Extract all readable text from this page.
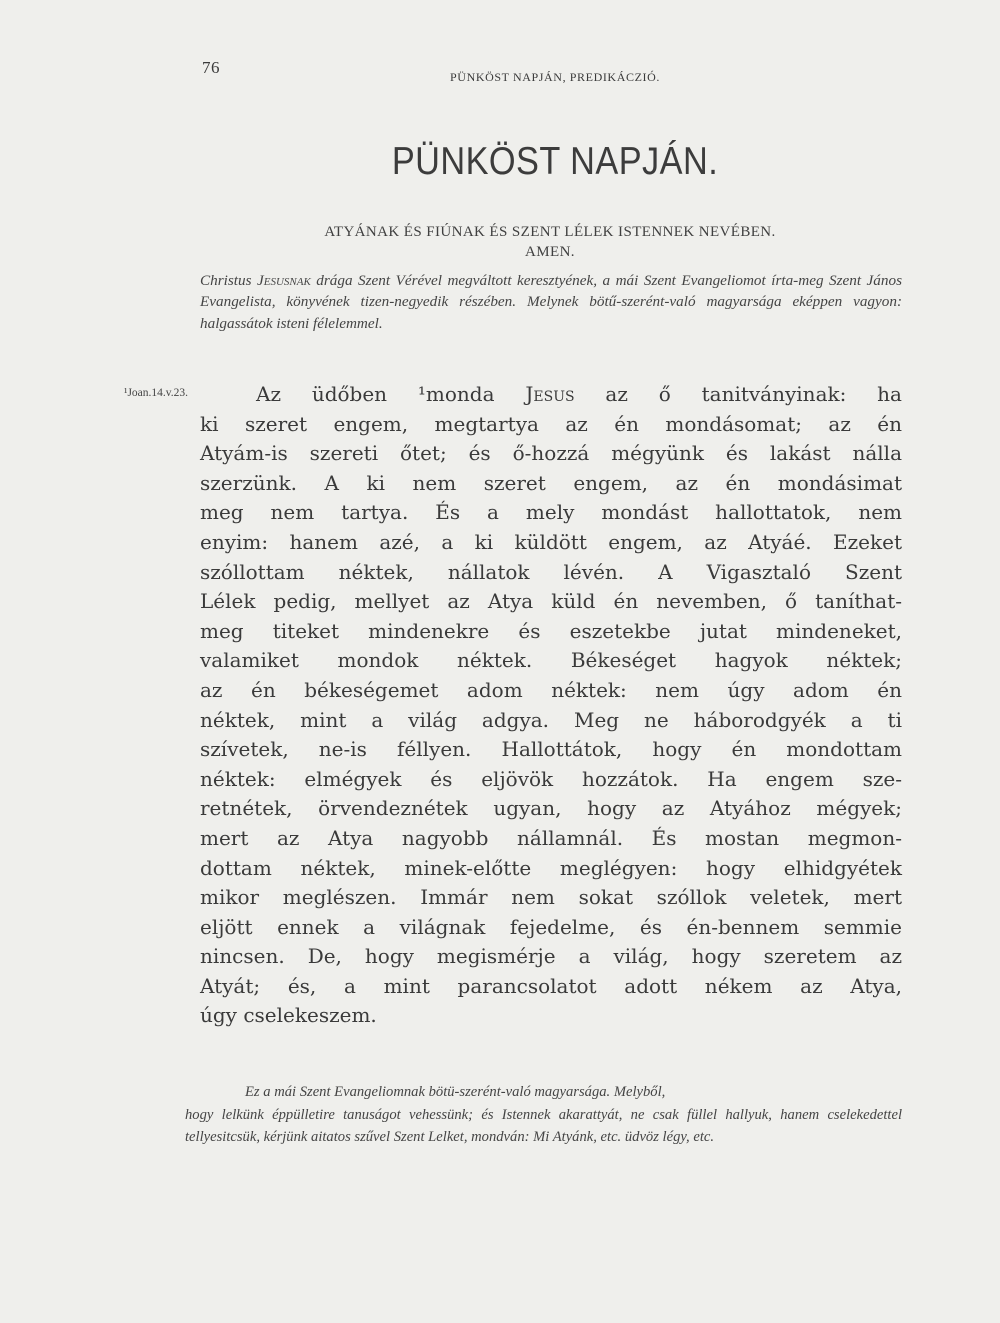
76	PÜNKÖST NAPJÁN, PREDIKÁCZIÓ.
PÜNKÖST NAPJÁN.
ATYÁNAK ÉS FIÚNAK ÉS SZENT LÉLEK ISTENNEK NEVÉBEN.
AMEN.
Christus Jesusnak drága Szent Vérével megváltott keresztyének, a mái Szent Evangeliomot írta-meg Szent János Evangelista, könyvének tizen-negyedik részében. Melynek bötű-szerént-való magyarsága eképpen vagyon: halgassátok isteni félelemmel.
¹Joan.14.v.23.	Az üdőben ¹monda Jesus az ő tanitványinak: ha
ki szeret engem, megtartya az én mondásomat; az én
Atyám-is szereti őtet; és ő-hozzá mégyünk és lakást nálla
szerzünk. A ki nem szeret engem, az én mondásimat
meg nem tartya. És a mely mondást hallottatok, nem
enyim: hanem azé, a ki küldött engem, az Atyáé. Ezeket
szóllottam néktek, nállatok lévén. A Vigasztaló Szent
Lélek pedig, mellyet az Atya küld én nevemben, ő taníthat-
meg titeket mindenekre és eszetekbe jutat mindeneket,
valamiket mondok néktek. Békeséget hagyok néktek;
az én békeségemet adom néktek: nem úgy adom én
néktek, mint a világ adgya. Meg ne háborodgyék a ti
szívetek, ne-is féllyen. Hallottátok, hogy én mondottam
néktek: elmégyek és eljövök hozzátok. Ha engem sze-
retnétek, örvendeznétek ugyan, hogy az Atyához mégyek;
mert az Atya nagyobb nállamnál. És mostan megmon-
dottam néktek, minek-előtte meglégyen: hogy elhidgyétek
mikor meglészen. Immár nem sokat szóllok veletek, mert
eljött ennek a világnak fejedelme, és én-bennem semmie
nincsen. De, hogy megismérje a világ, hogy szeretem az
Atyát; és, a mint parancsolatot adott nékem az Atya,
úgy cselekeszem.
Ez a mái Szent Evangeliomnak bötü-szerént-való magyarsága. Melyből,
hogy lelkünk éppülletire tanuságot vehessünk; és Istennek akarattyát, ne csak füllel hallyuk, hanem cselekedettel tellyesitcsük, kérjünk aitatos szűvel Szent Lelket, mondván: Mi Atyánk, etc. üdvöz légy, etc.
